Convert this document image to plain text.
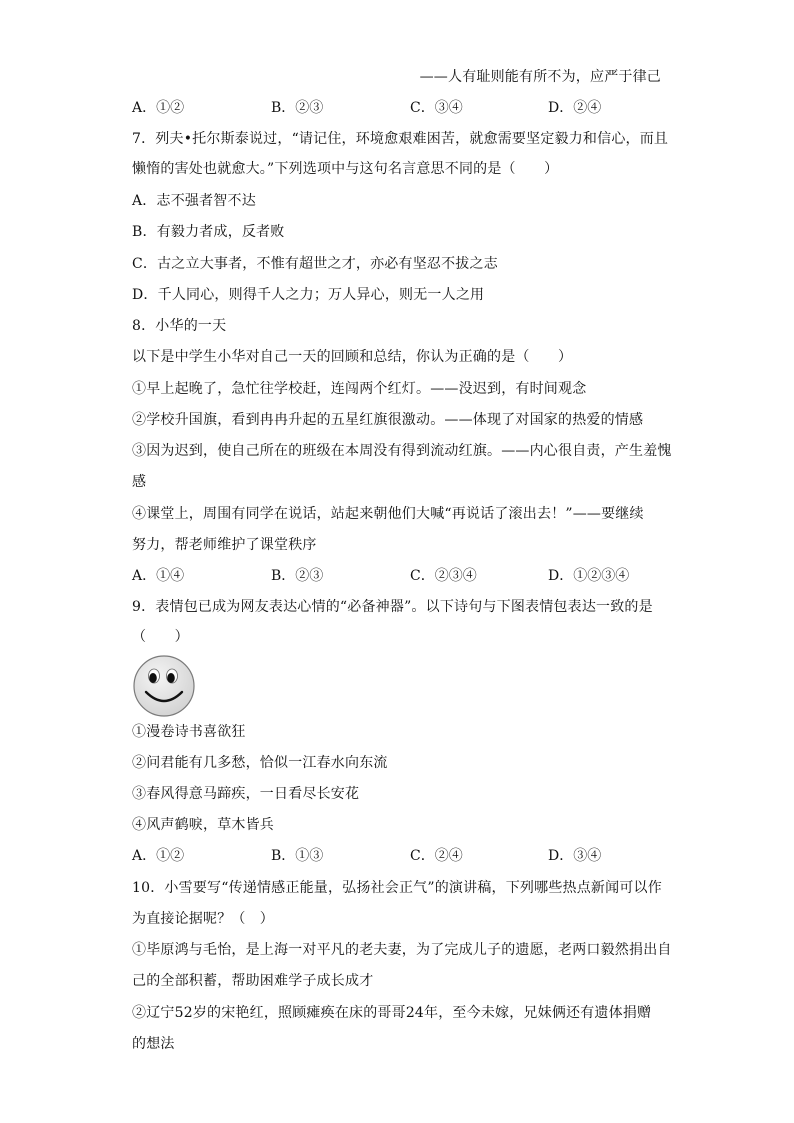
——人有耻则能有所不为，应严于律己
A．①②	B．②③	C．③④	D．②④
7．列夫•托尔斯泰说过，“请记住，环境愈艰难困苦，就愈需要坚定毅力和信心，而且
懒惰的害处也就愈大。”下列选项中与这句名言意思不同的是（　　）
A．志不强者智不达
B．有毅力者成，反者败
C．古之立大事者，不惟有超世之才，亦必有坚忍不拔之志
D．千人同心，则得千人之力；万人异心，则无一人之用
8．小华的一天
以下是中学生小华对自己一天的回顾和总结，你认为正确的是（　　）
①早上起晚了，急忙往学校赶，连闯两个红灯。——没迟到，有时间观念
②学校升国旗，看到冉冉升起的五星红旗很激动。——体现了对国家的热爱的情感
③因为迟到，使自己所在的班级在本周没有得到流动红旗。——内心很自责，产生羞愧
感
④课堂上，周围有同学在说话，站起来朝他们大喊“再说话了滚出去！”——要继续
努力，帮老师维护了课堂秩序
A．①④	B．②③	C．②③④	D．①②③④
9．表情包已成为网友表达心情的“必备神器”。以下诗句与下图表情包表达一致的是
（　　）
①漫卷诗书喜欲狂
②问君能有几多愁，恰似一江春水向东流
③春风得意马蹄疾，一日看尽长安花
④风声鹤唳，草木皆兵
A．①②	B．①③	C．②④	D．③④
10．小雪要写“传递情感正能量，弘扬社会正气”的演讲稿，下列哪些热点新闻可以作
为直接论据呢？（　）
①毕原鸿与毛怡，是上海一对平凡的老夫妻，为了完成儿子的遗愿，老两口毅然捐出自
己的全部积蓄，帮助困难学子成长成才
②辽宁52岁的宋艳红，照顾瘫痪在床的哥哥24年，至今未嫁，兄妹俩还有遗体捐赠
的想法
